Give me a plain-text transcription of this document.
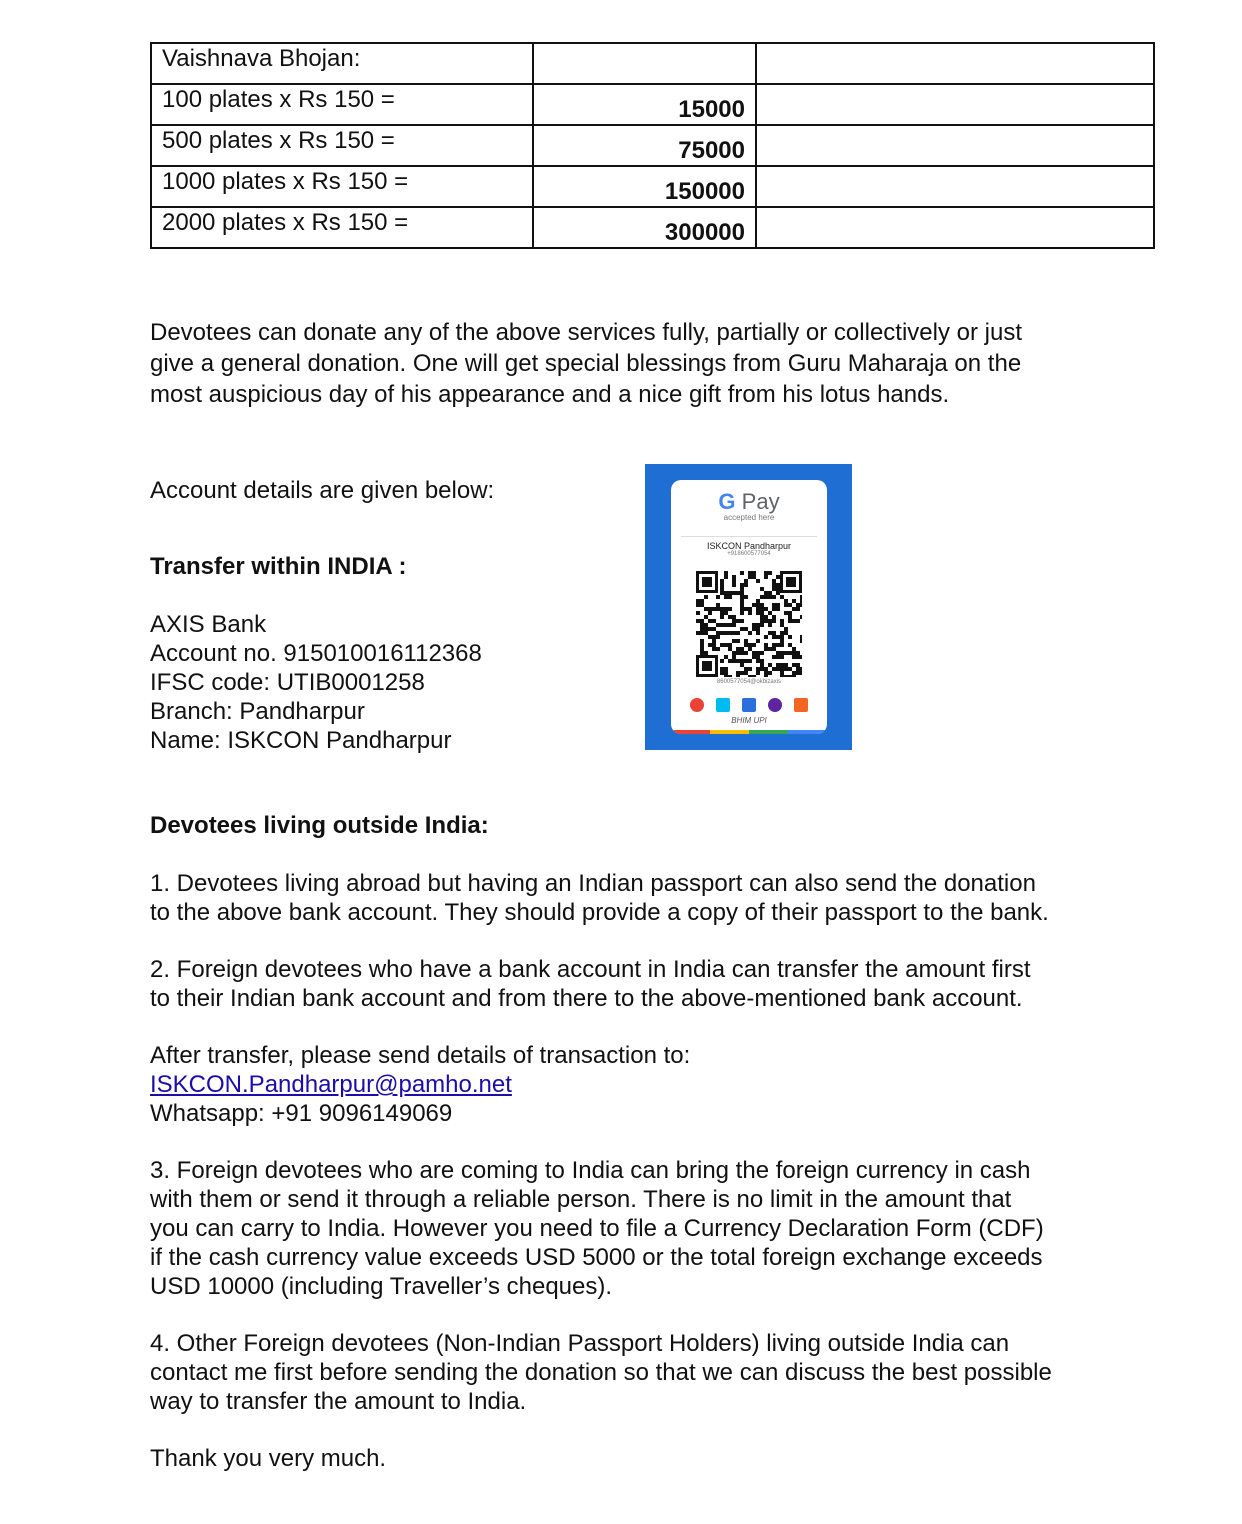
Vaishnava Bhojan:		
100 plates x Rs 150 =	15000	
500 plates x Rs 150 =	75000	
1000 plates x Rs 150 =	150000	
2000 plates x Rs 150 =	300000	
Devotees can donate any of the above services fully, partially or collectively or just
give a general donation. One will get special blessings from Guru Maharaja on the
most auspicious day of his appearance and a nice gift from his lotus hands.
Account details are given below:
Transfer within INDIA :
AXIS Bank
Account no. 915010016112368
IFSC code: UTIB0001258
Branch: Pandharpur
Name: ISKCON Pandharpur
G Pay
accepted here
ISKCON Pandharpur
+918600577054
8600577054@okbizaxis
BHIM UPI
Devotees living outside India:
1. Devotees living abroad but having an Indian passport can also send the donation
to the above bank account. They should provide a copy of their passport to the bank.
2. Foreign devotees who have a bank account in India can transfer the amount first
to their Indian bank account and from there to the above-mentioned bank account.
After transfer, please send details of transaction to:
ISKCON.Pandharpur@pamho.net
Whatsapp: +91 9096149069
3. Foreign devotees who are coming to India can bring the foreign currency in cash
with them or send it through a reliable person. There is no limit in the amount that
you can carry to India. However you need to file a Currency Declaration Form (CDF)
if the cash currency value exceeds USD 5000 or the total foreign exchange exceeds
USD 10000 (including Traveller’s cheques).
4. Other Foreign devotees (Non-Indian Passport Holders) living outside India can
contact me first before sending the donation so that we can discuss the best possible
way to transfer the amount to India.
Thank you very much.
